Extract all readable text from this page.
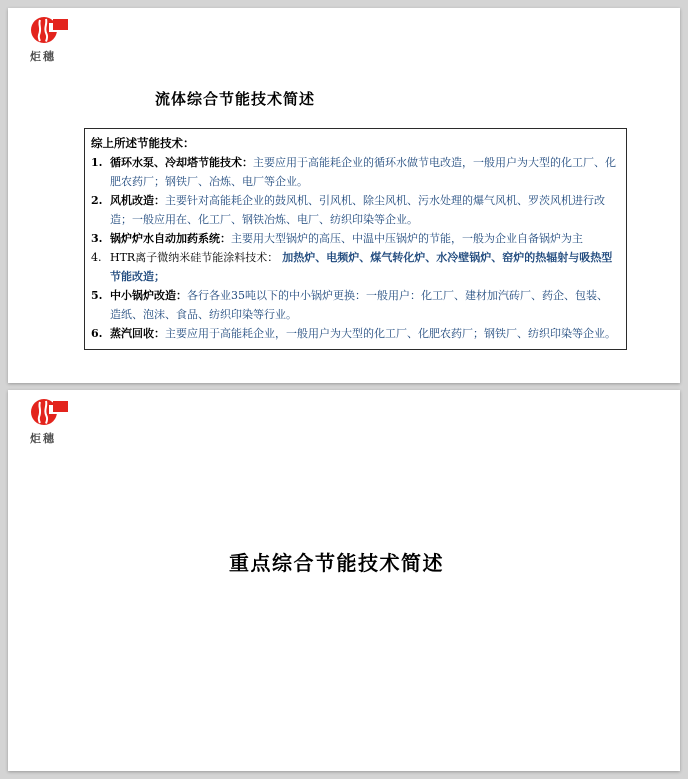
炬穗
流体综合节能技术简述
综上所述节能技术：
1. 循环水泵、冷却塔节能技术：主要应用于高能耗企业的循环水做节电改造，一般用户为大型的化工厂、化肥农药厂；钢铁厂、冶炼、电厂等企业。
2. 风机改造：主要针对高能耗企业的鼓风机、引风机、除尘风机、污水处理的爆气风机、罗茨风机进行改造；一般应用在、化工厂、钢铁冶炼、电厂、纺织印染等企业。
3. 锅炉炉水自动加药系统：主要用大型锅炉的高压、中温中压锅炉的节能，一般为企业自备锅炉为主
4. HTR离子微纳米硅节能涂料技术： 加热炉、电频炉、煤气转化炉、水冷壁锅炉、窑炉的热辐射与吸热型节能改造；
5. 中小锅炉改造：各行各业35吨以下的中小锅炉更换：一般用户：化工厂、建材加汽砖厂、药企、包装、造纸、泡沫、食品、纺织印染等行业。
6. 蒸汽回收：主要应用于高能耗企业，一般用户为大型的化工厂、化肥农药厂；钢铁厂、纺织印染等企业。
炬穗
重点综合节能技术简述
